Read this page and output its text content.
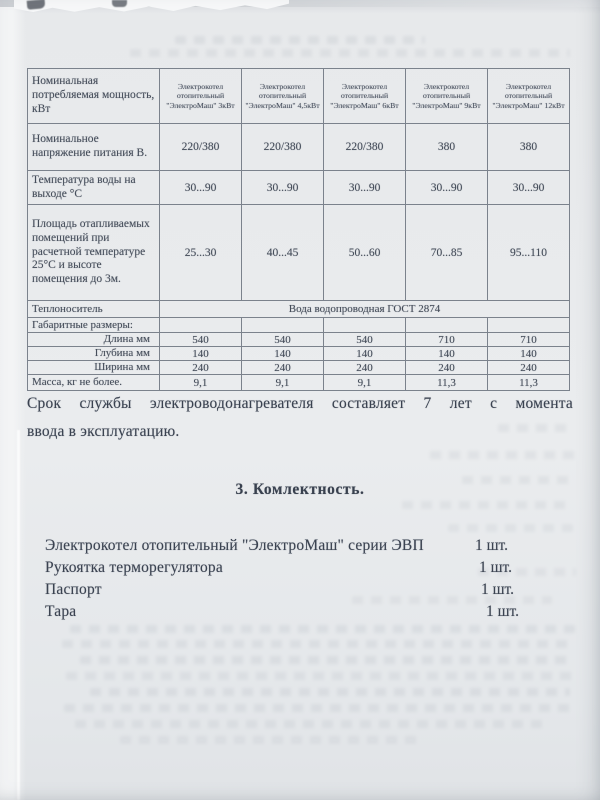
Номинальная потребляемая мощность, кВт	Электрокотел отопительный "ЭлектроМаш" 3кВт	Электрокотел отопительный "ЭлектроМаш" 4,5кВт	Электрокотел отопительный "ЭлектроМаш" 6кВт	Электрокотел отопительный "ЭлектроМаш" 9кВт	Электрокотел отопительный "ЭлектроМаш" 12кВт
Номинальное напряжение питания В.	220/380	220/380	220/380	380	380
Температура воды на выходе °С	30...90	30...90	30...90	30...90	30...90
Площадь отапливаемых помещений при расчетной температуре 25°С и высоте помещения до 3м.	25...30	40...45	50...60	70...85	95...110
Теплоноситель	Вода водопроводная ГОСТ 2874				
Габаритные размеры:					
Длина мм	540	540	540	710	710
Глубина мм	140	140	140	140	140
Ширина мм	240	240	240	240	240
Масса, кг не более.	9,1	9,1	9,1	11,3	11,3
Срок службы электроводонагревателя составляет 7 лет с момента
ввода в эксплуатацию.
3. Комлектность.
Электрокотел отопительный "ЭлектроМаш" серии ЭВП	1 шт.
Рукоятка терморегулятора	1 шт.
Паспорт	1 шт.
Тара	1 шт.
